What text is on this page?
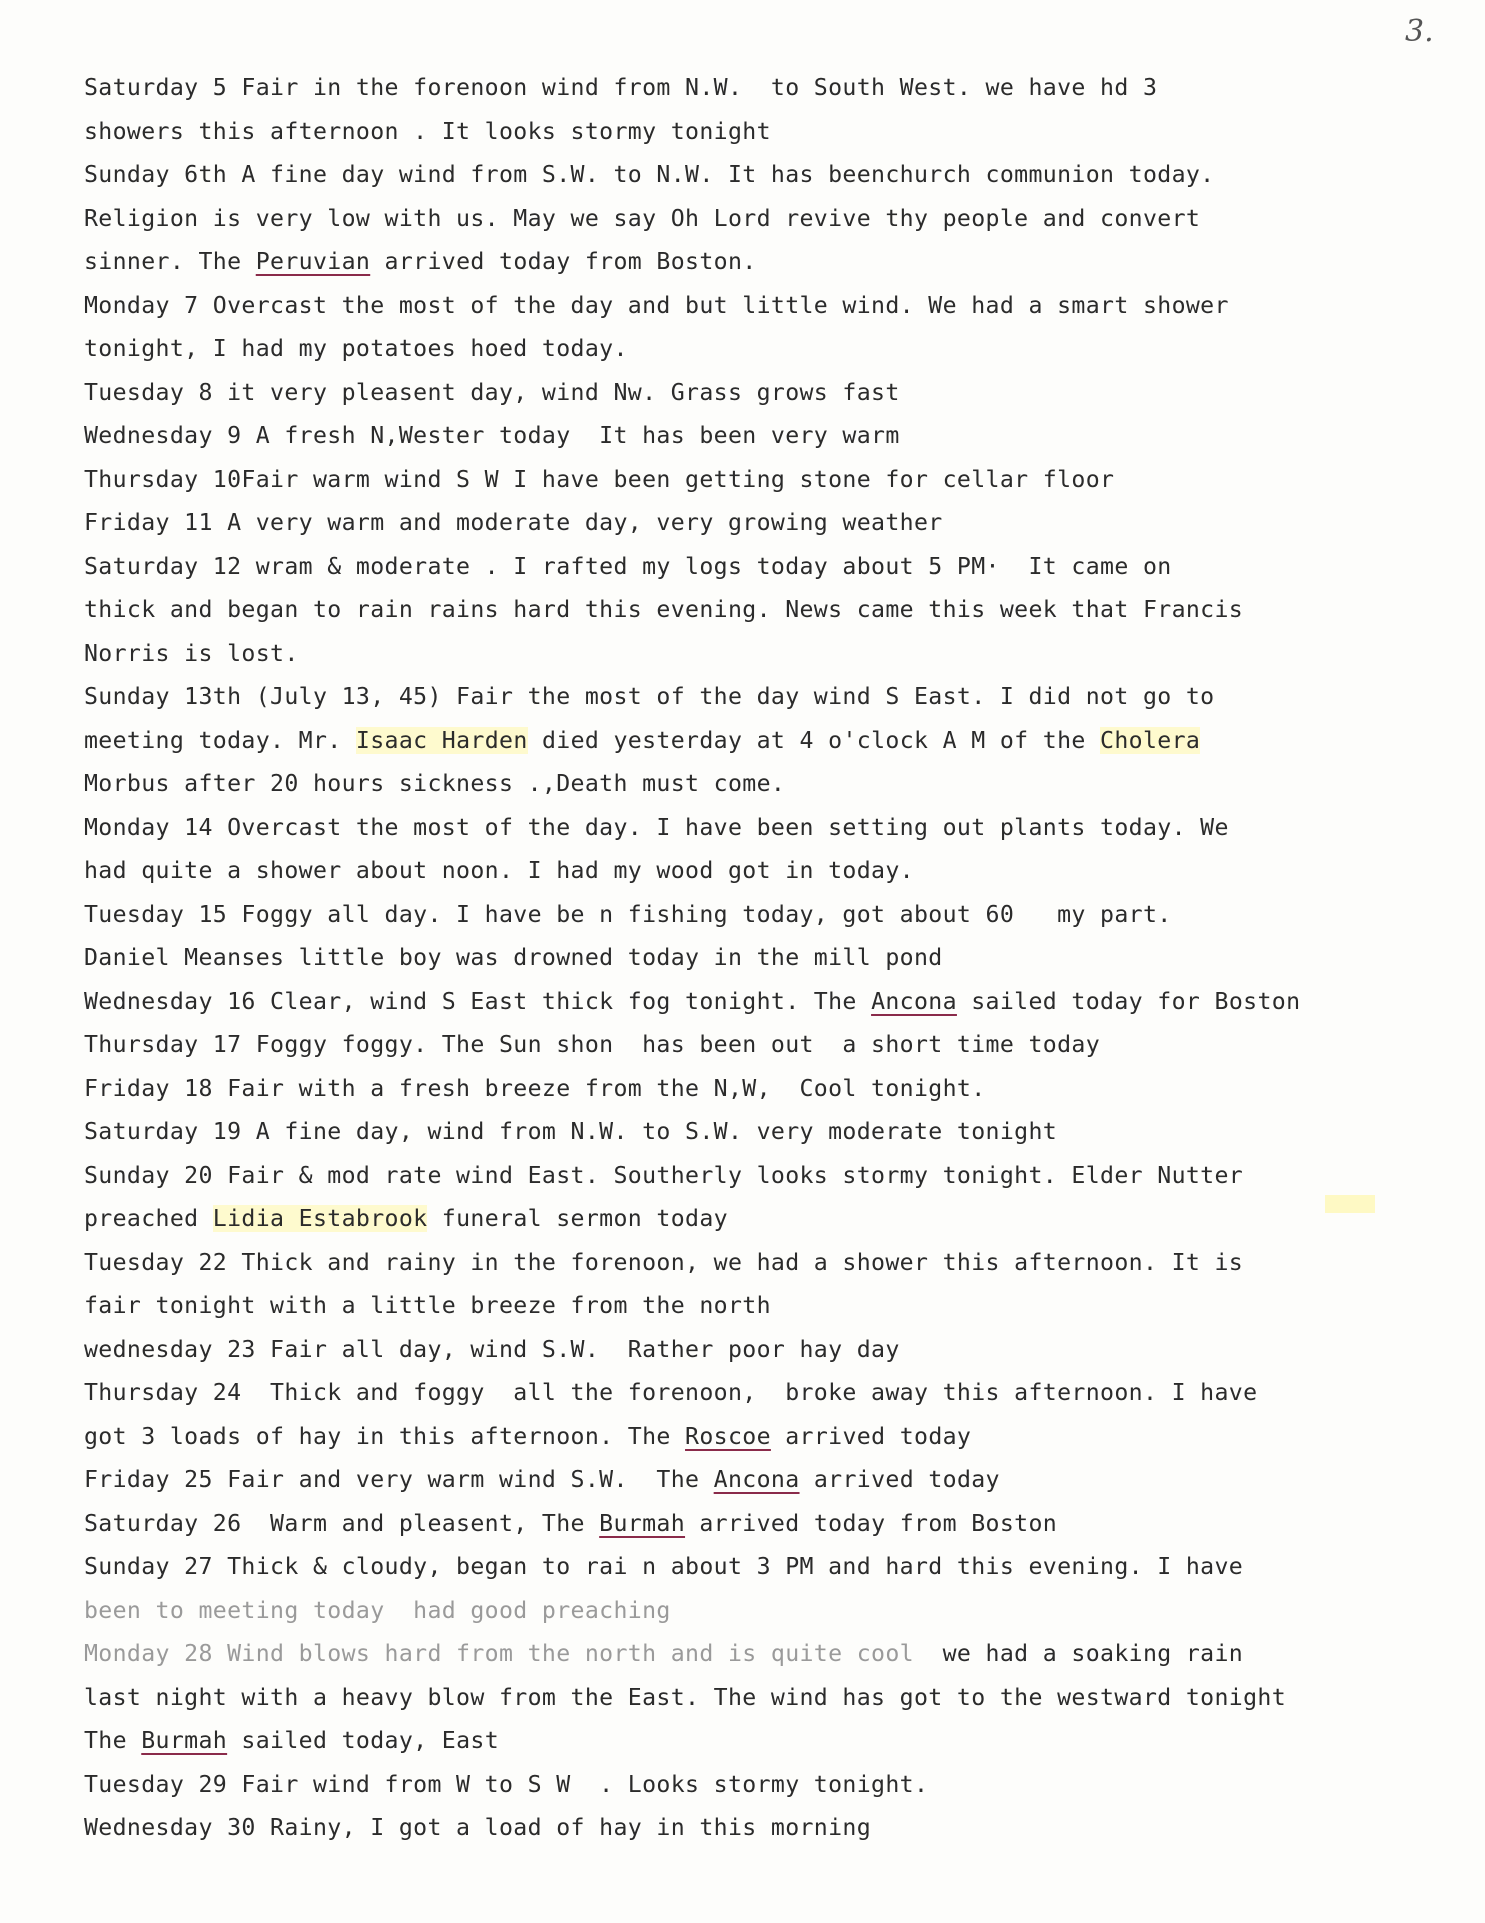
3.
Saturday 5 Fair in the forenoon wind from N.W.  to South West. we have hd 3
showers this afternoon . It looks stormy tonight
Sunday 6th A fine day wind from S.W. to N.W. It has beenchurch communion today.
Religion is very low with us. May we say Oh Lord revive thy people and convert
sinner. The Peruvian arrived today from Boston.
Monday 7 Overcast the most of the day and but little wind. We had a smart shower
tonight, I had my potatoes hoed today.
Tuesday 8 it very pleasent day, wind Nw. Grass grows fast
Wednesday 9 A fresh N,Wester today  It has been very warm
Thursday 10Fair warm wind S W I have been getting stone for cellar floor
Friday 11 A very warm and moderate day, very growing weather
Saturday 12 wram & moderate . I rafted my logs today about 5 PM·  It came on
thick and began to rain rains hard this evening. News came this week that Francis
Norris is lost.
Sunday 13th (July 13, 45) Fair the most of the day wind S East. I did not go to
meeting today. Mr. Isaac Harden died yesterday at 4 o'clock A M of the Cholera
Morbus after 20 hours sickness .,Death must come.
Monday 14 Overcast the most of the day. I have been setting out plants today. We
had quite a shower about noon. I had my wood got in today.
Tuesday 15 Foggy all day. I have be n fishing today, got about 60   my part.
Daniel Meanses little boy was drowned today in the mill pond
Wednesday 16 Clear, wind S East thick fog tonight. The Ancona sailed today for Boston
Thursday 17 Foggy foggy. The Sun shon  has been out  a short time today
Friday 18 Fair with a fresh breeze from the N,W,  Cool tonight.
Saturday 19 A fine day, wind from N.W. to S.W. very moderate tonight
Sunday 20 Fair & mod rate wind East. Southerly looks stormy tonight. Elder Nutter
preached Lidia Estabrook funeral sermon today
Tuesday 22 Thick and rainy in the forenoon, we had a shower this afternoon. It is
fair tonight with a little breeze from the north
wednesday 23 Fair all day, wind S.W.  Rather poor hay day
Thursday 24  Thick and foggy  all the forenoon,  broke away this afternoon. I have
got 3 loads of hay in this afternoon. The Roscoe arrived today
Friday 25 Fair and very warm wind S.W.  The Ancona arrived today
Saturday 26  Warm and pleasent, The Burmah arrived today from Boston
Sunday 27 Thick & cloudy, began to rai n about 3 PM and hard this evening. I have
been to meeting today  had good preaching
Monday 28 Wind blows hard from the north and is quite cool  we had a soaking rain
last night with a heavy blow from the East. The wind has got to the westward tonight
The Burmah sailed today, East
Tuesday 29 Fair wind from W to S W  . Looks stormy tonight.
Wednesday 30 Rainy, I got a load of hay in this morning
